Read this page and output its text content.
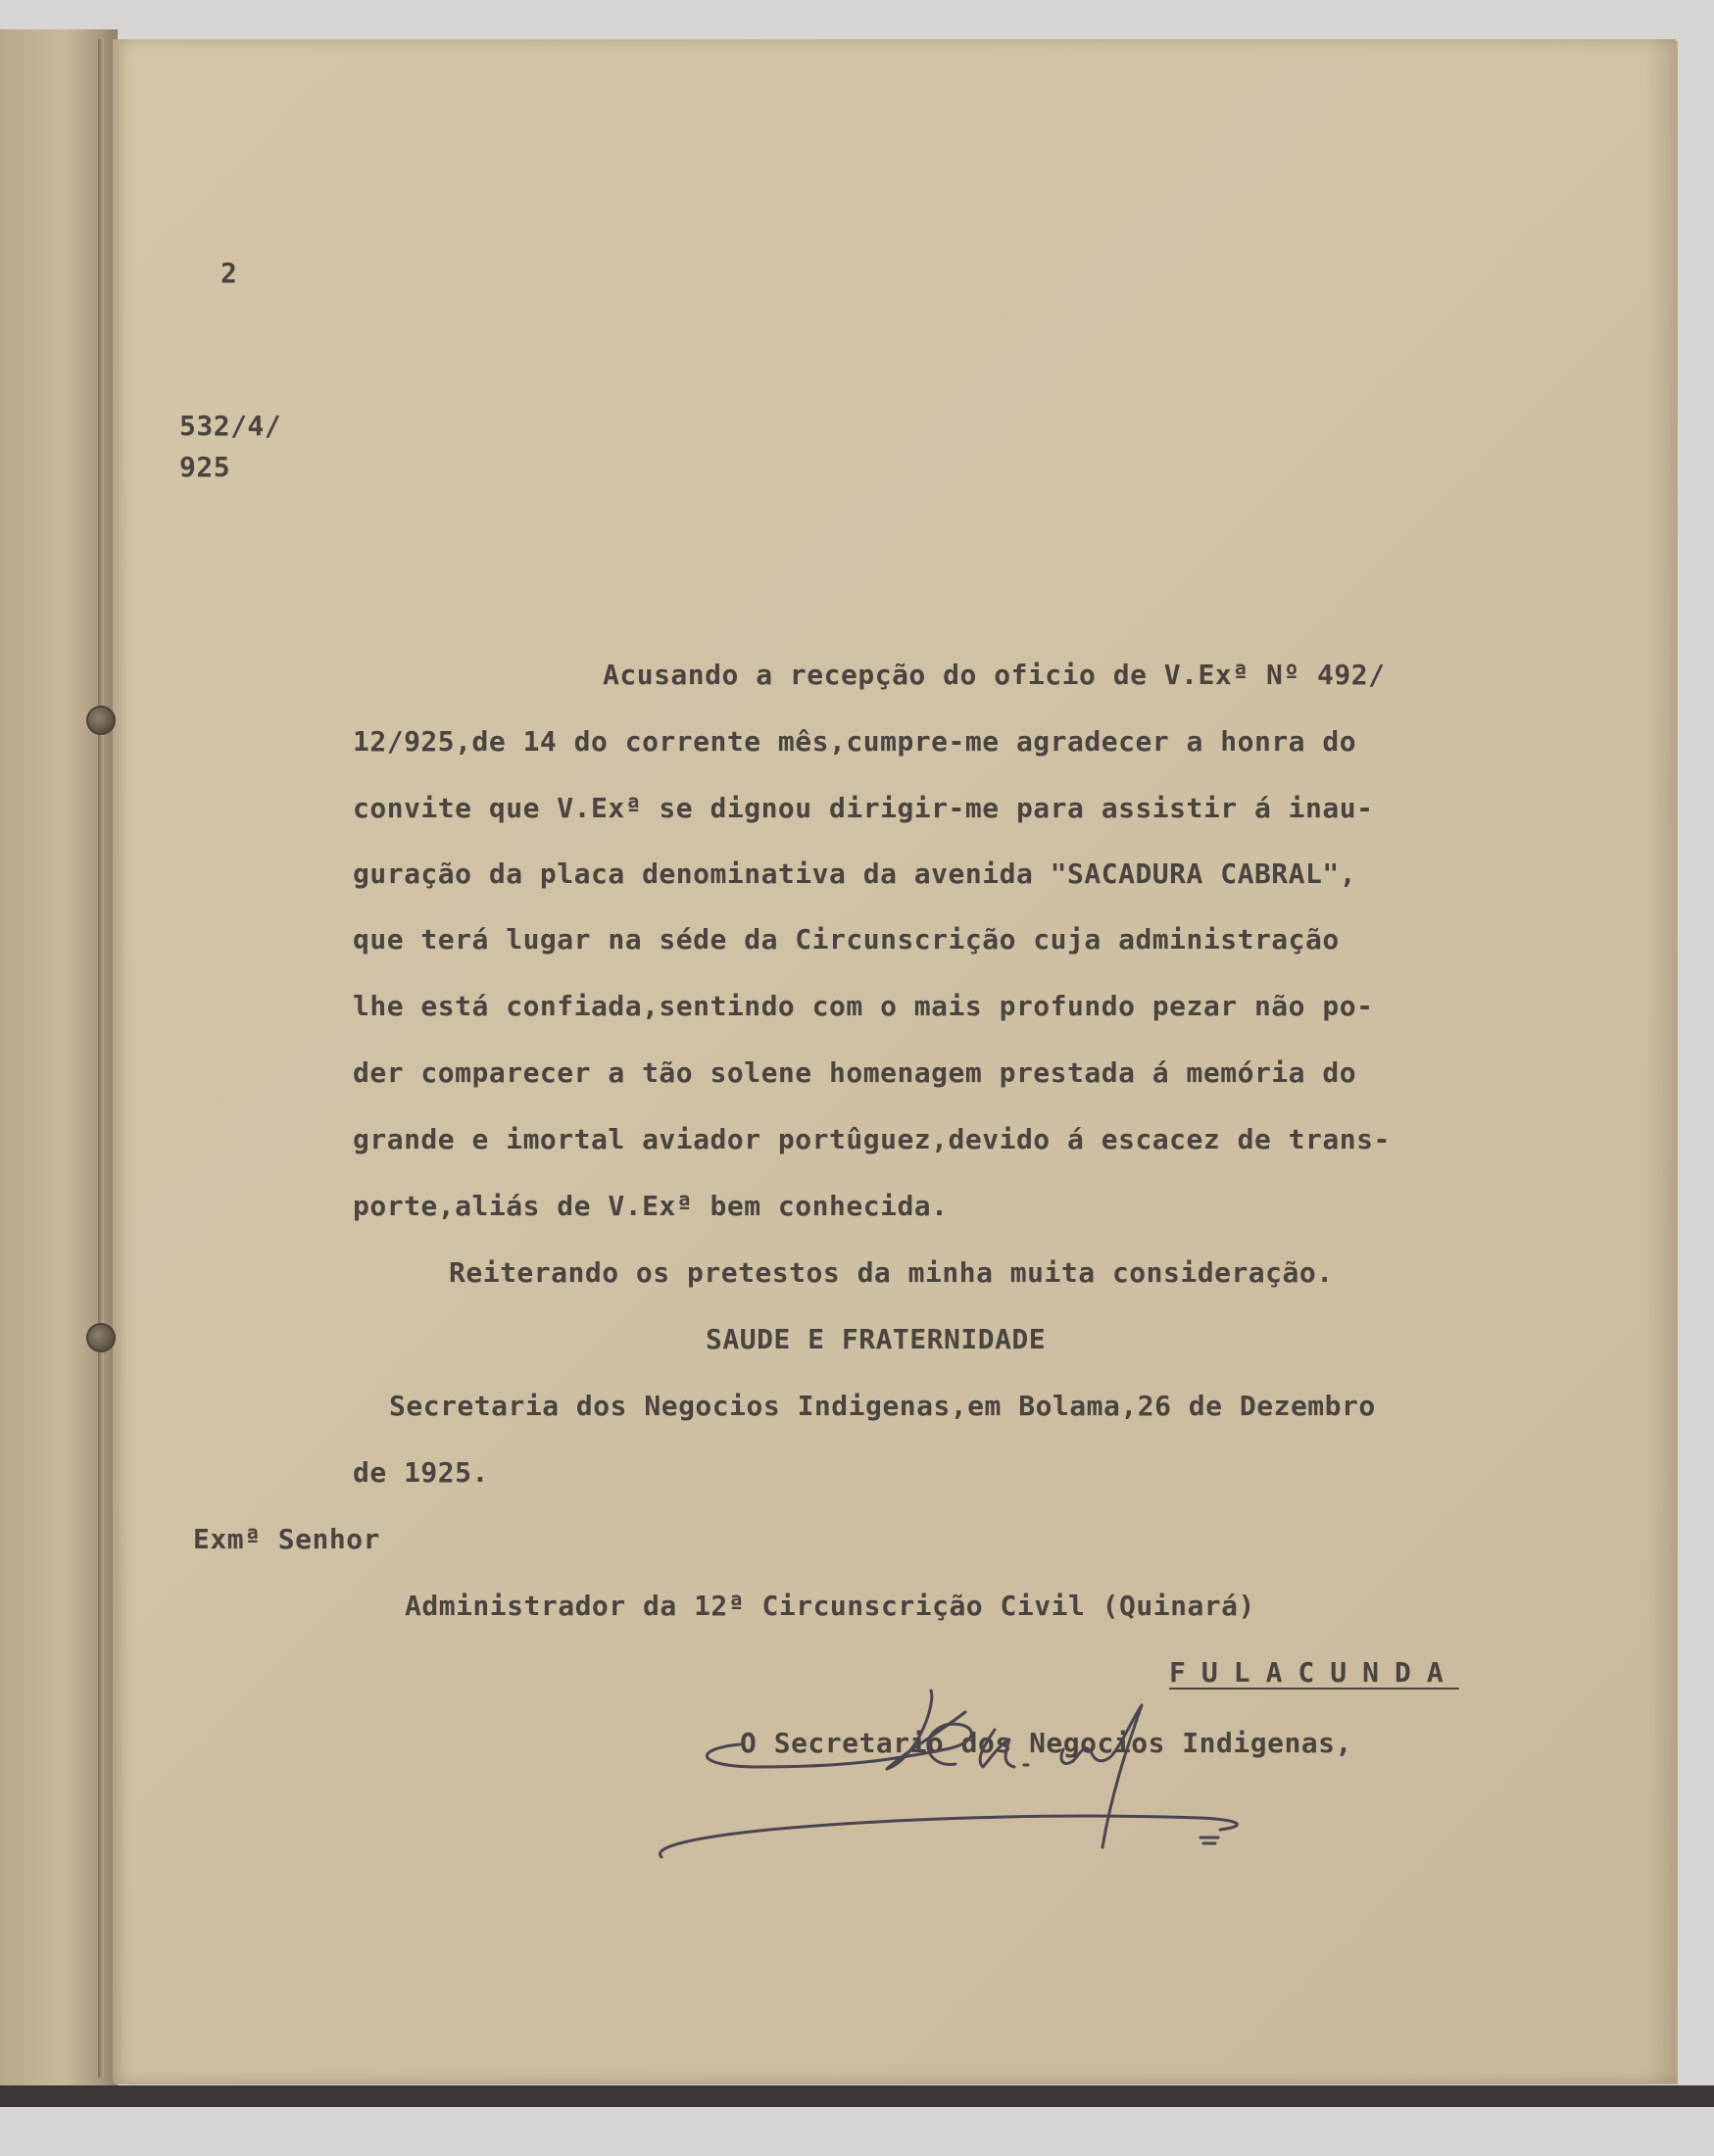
2
532/4/
925
Acusando a recepção do oficio de V.Exª Nº 492/
12/925,de 14 do corrente mês,cumpre-me agradecer a honra do
convite que V.Exª se dignou dirigir-me para assistir á inau-
guração da placa denominativa da avenida "SACADURA CABRAL",
que terá lugar na séde da Circunscrição cuja administração
lhe está confiada,sentindo com o mais profundo pezar não po-
der comparecer a tão solene homenagem prestada á memória do
grande e imortal aviador portûguez,devido á escacez de trans-
porte,aliás de V.Exª bem conhecida.
Reiterando os pretestos da minha muita consideração.
SAUDE E FRATERNIDADE
Secretaria dos Negocios Indigenas,em Bolama,26 de Dezembro
de 1925.
Exmª Senhor
Administrador da 12ª Circunscrição Civil (Quinará)
FULACUNDA
O Secretario dos Negocios Indigenas,
